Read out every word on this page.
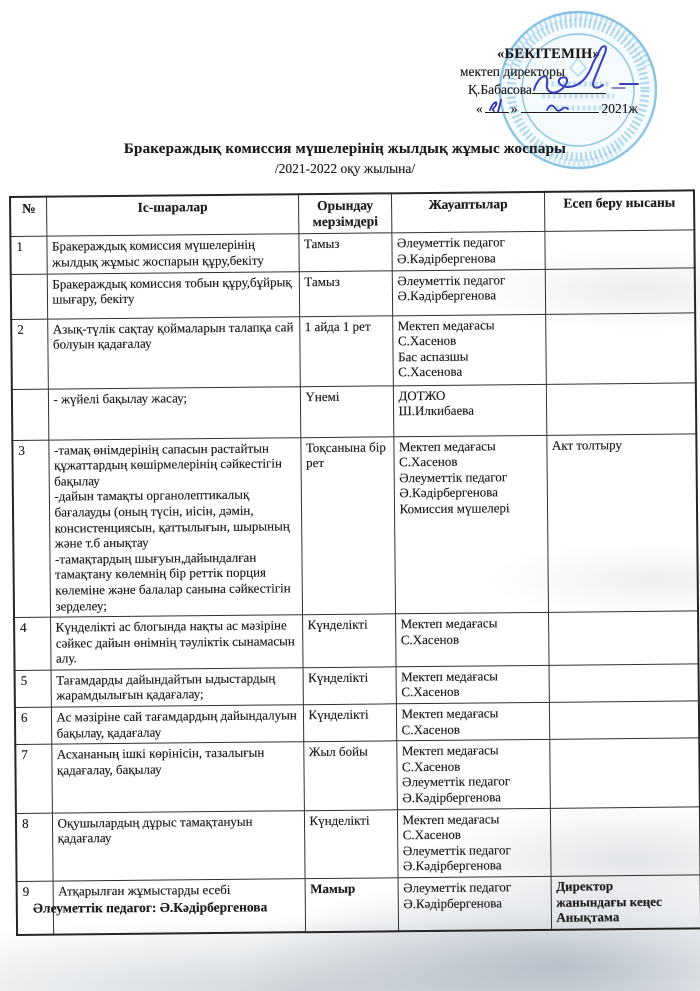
«БЕКІТЕМІН»
мектеп директоры
Қ.Бабасова	—
« »	2021ж
Бракераждық комиссия мүшелерінің жылдық жұмыс жоспары
/2021-2022 оқу жылына/
№	Іс-шаралар	Орындау мерзімдері	Жауаптылар	Есеп беру нысаны
1	Бракераждық комиссия мүшелерінің жылдық жұмыс жоспарын құру,бекіту	Тамыз	Әлеуметтік педагог
Ә.Кәдірбергенова	
	Бракераждық комиссия тобын құру,бұйрық шығару, бекіту	Тамыз	Әлеуметтік педагог
Ә.Кәдірбергенова	
2	Азық-түлік сақтау қоймаларын талапқа сай болуын қадағалау	1 айда 1 рет	Мектеп медағасы
С.Хасенов
Бас аспазшы
С.Хасенова	
	- жүйелі бақылау жасау;	Үнемі	ДОТЖО
Ш.Илкибаева	
3	-тамақ өнімдерінің сапасын растайтын құжаттардың көшірмелерінің сәйкестігін бақылау
-дайын тамақты органолептикалық бағалауды (оның түсін, иісін, дәмін, консистенциясын, қаттылығын, шырының және т.б анықтау
-тамақтардың шығуын,дайындалған тамақтану көлемнің бір реттік порция көлеміне және балалар санына сәйкестігін зерделеу;	Тоқсанына бір рет	Мектеп медағасы
С.Хасенов
Әлеуметтік педагог
Ә.Кәдірбергенова
Комиссия мүшелері	Акт толтыру
4	Күнделікті ас блогында нақты ас мәзіріне сәйкес дайын өнімнің тәуліктік сынамасын алу.	Күнделікті	Мектеп медағасы
С.Хасенов	
5	Тағамдарды дайындайтын ыдыстардың жарамдылығын қадағалау;	Күнделікті	Мектеп медағасы
С.Хасенов	
6	Ас мәзіріне сай тағамдардың дайындалуын бақылау, қадағалау	Күнделікті	Мектеп медағасы
С.Хасенов	
7	Асхананың ішкі көрінісін, тазалығын қадағалау, бақылау	Жыл бойы	Мектеп медағасы
С.Хасенов
Әлеуметтік педагог
Ә.Кәдірбергенова	
8	Оқушылардың дұрыс тамақтануын қадағалау	Күнделікті	Мектеп медағасы
С.Хасенов
Әлеуметтік педагог
Ә.Кәдірбергенова	
9	Атқарылған жұмыстарды есебі	Мамыр	Әлеуметтік педагог
Ә.Кәдірбергенова	Директор
жанындағы кеңес
Анықтама
Әлеуметтік педагог: Ә.Кәдірбергенова
